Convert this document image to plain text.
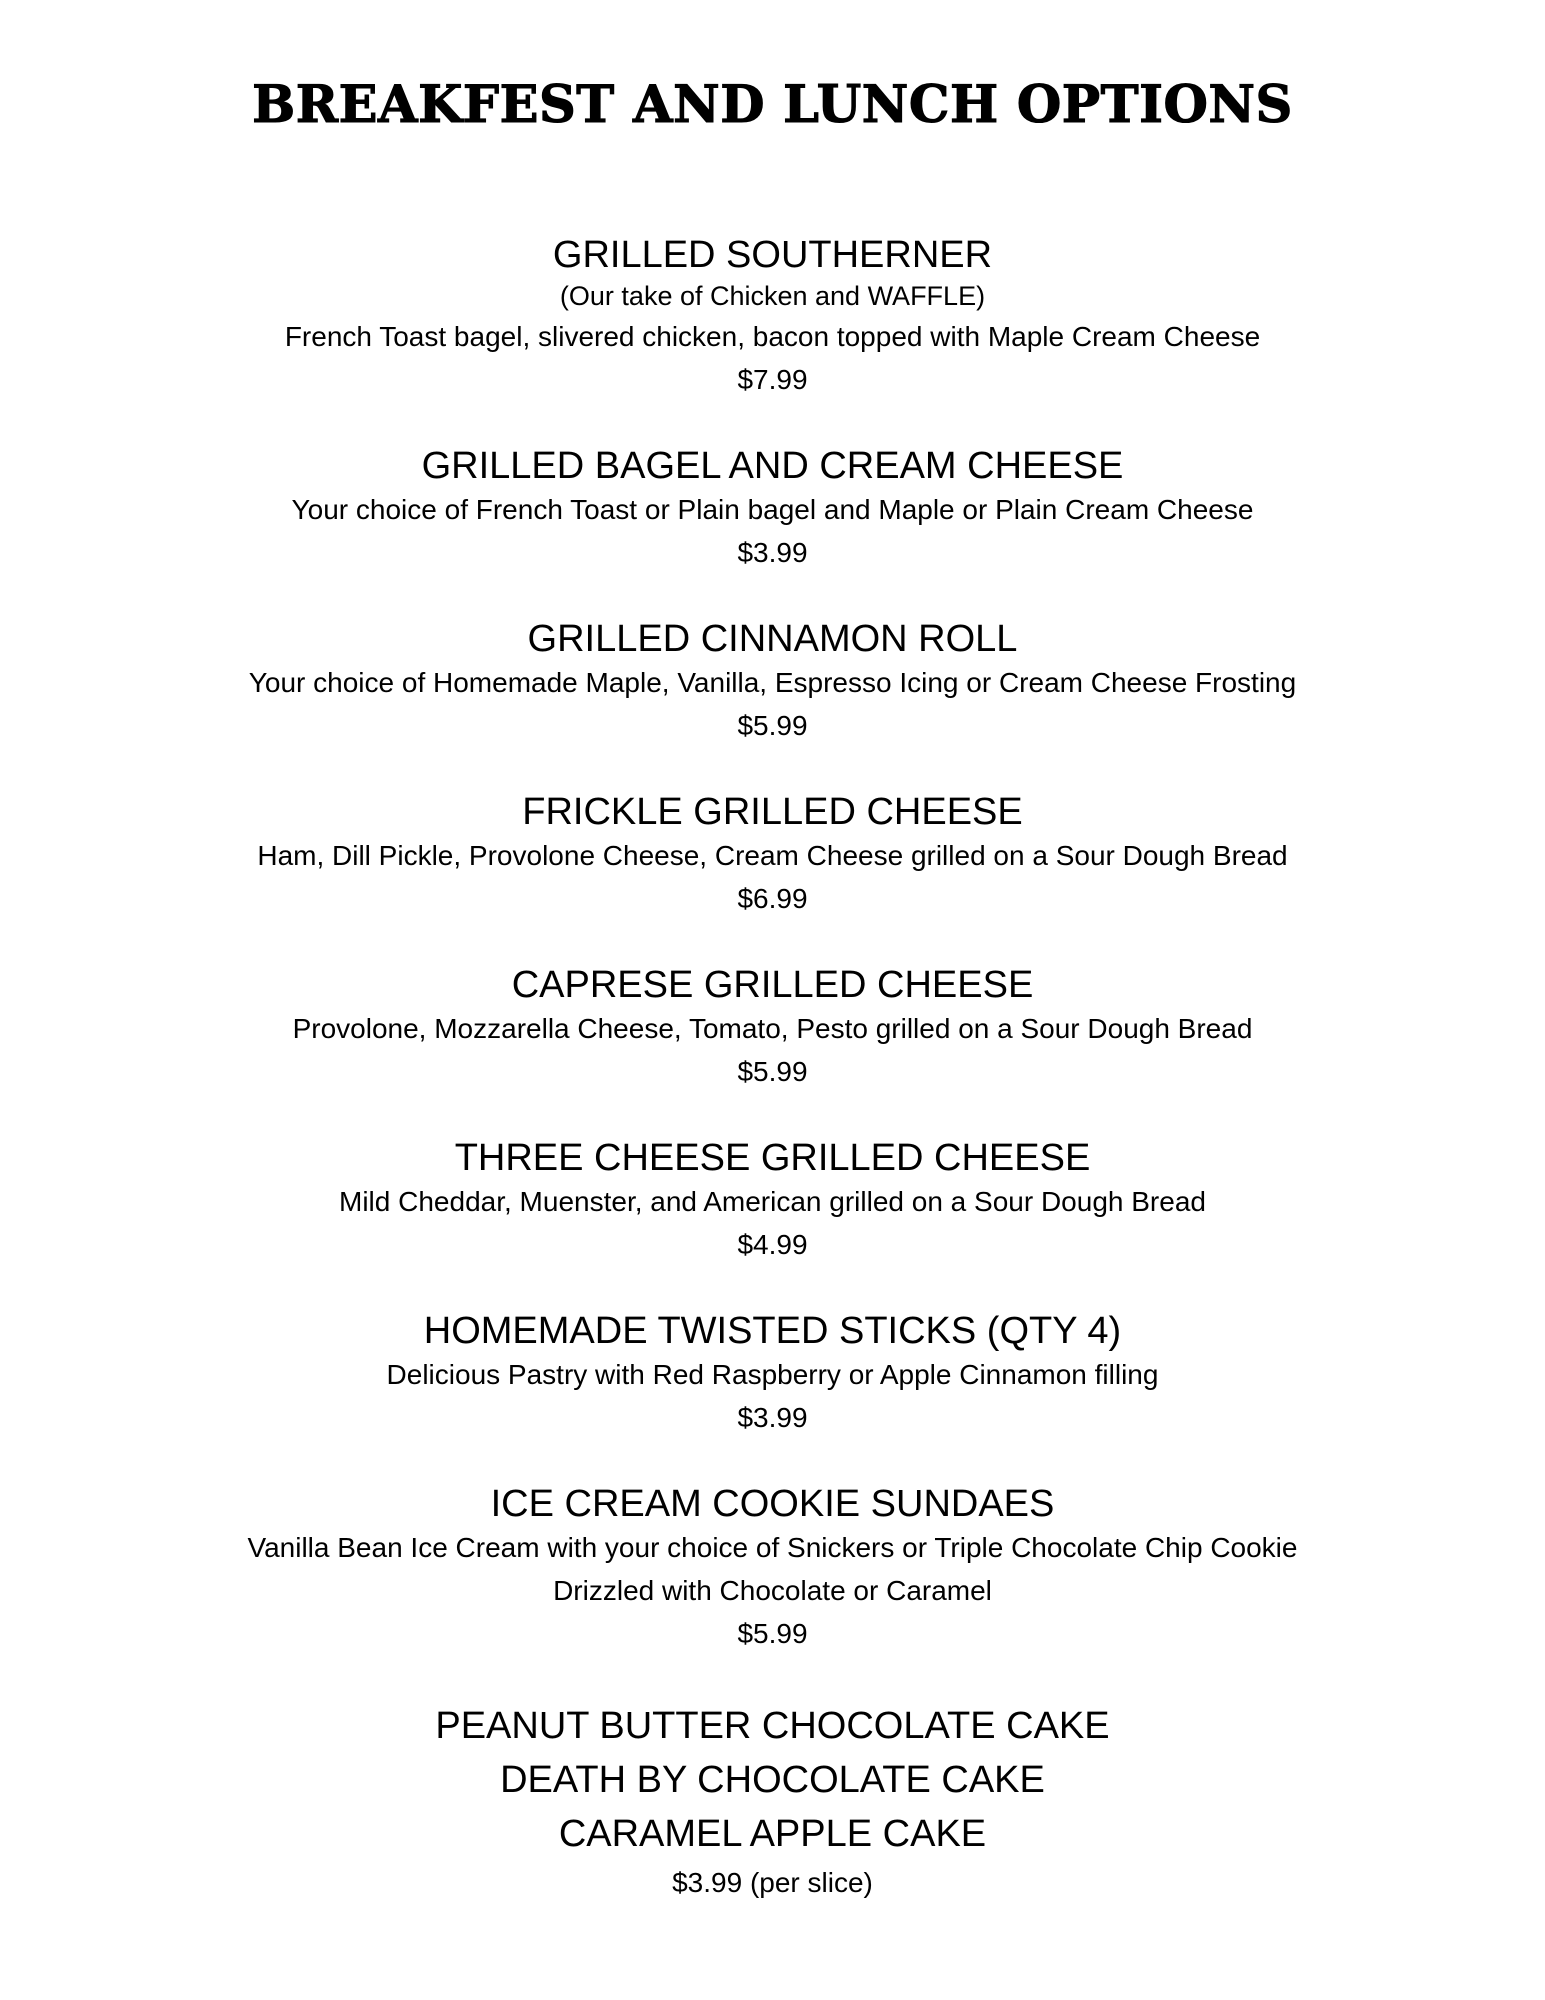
BREAKFEST AND LUNCH OPTIONS
GRILLED SOUTHERNER
(Our take of Chicken and WAFFLE)
French Toast bagel, slivered chicken, bacon topped with Maple Cream Cheese
$7.99
GRILLED BAGEL AND CREAM CHEESE
Your choice of French Toast or Plain bagel and Maple or Plain Cream Cheese
$3.99
GRILLED CINNAMON ROLL
Your choice of Homemade Maple, Vanilla, Espresso Icing or Cream Cheese Frosting
$5.99
FRICKLE GRILLED CHEESE
Ham, Dill Pickle, Provolone Cheese, Cream Cheese grilled on a Sour Dough Bread
$6.99
CAPRESE GRILLED CHEESE
Provolone, Mozzarella Cheese, Tomato, Pesto grilled on a Sour Dough Bread
$5.99
THREE CHEESE GRILLED CHEESE
Mild Cheddar, Muenster, and American grilled on a Sour Dough Bread
$4.99
HOMEMADE TWISTED STICKS (QTY 4)
Delicious Pastry with Red Raspberry or Apple Cinnamon filling
$3.99
ICE CREAM COOKIE SUNDAES
Vanilla Bean Ice Cream with your choice of Snickers or Triple Chocolate Chip Cookie
Drizzled with Chocolate or Caramel
$5.99
PEANUT BUTTER CHOCOLATE CAKE
DEATH BY CHOCOLATE CAKE
CARAMEL APPLE CAKE
$3.99 (per slice)
